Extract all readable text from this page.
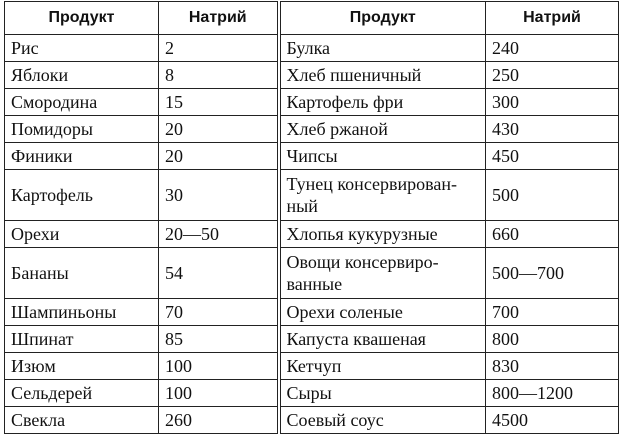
Продукт	Натрий	Продукт	Натрий
Рис	2	Булка	240
Яблоки	8	Хлеб пшеничный	250
Смородина	15	Картофель фри	300
Помидоры	20	Хлеб ржаной	430
Финики	20	Чипсы	450
Картофель	30	Тунец консервирован-ный	500
Орехи	20—50	Хлопья кукурузные	660
Бананы	54	Овощи консервиро-ванные	500—700
Шампиньоны	70	Орехи соленые	700
Шпинат	85	Капуста квашеная	800
Изюм	100	Кетчуп	830
Сельдерей	100	Сыры	800—1200
Свекла	260	Соевый соус	4500
